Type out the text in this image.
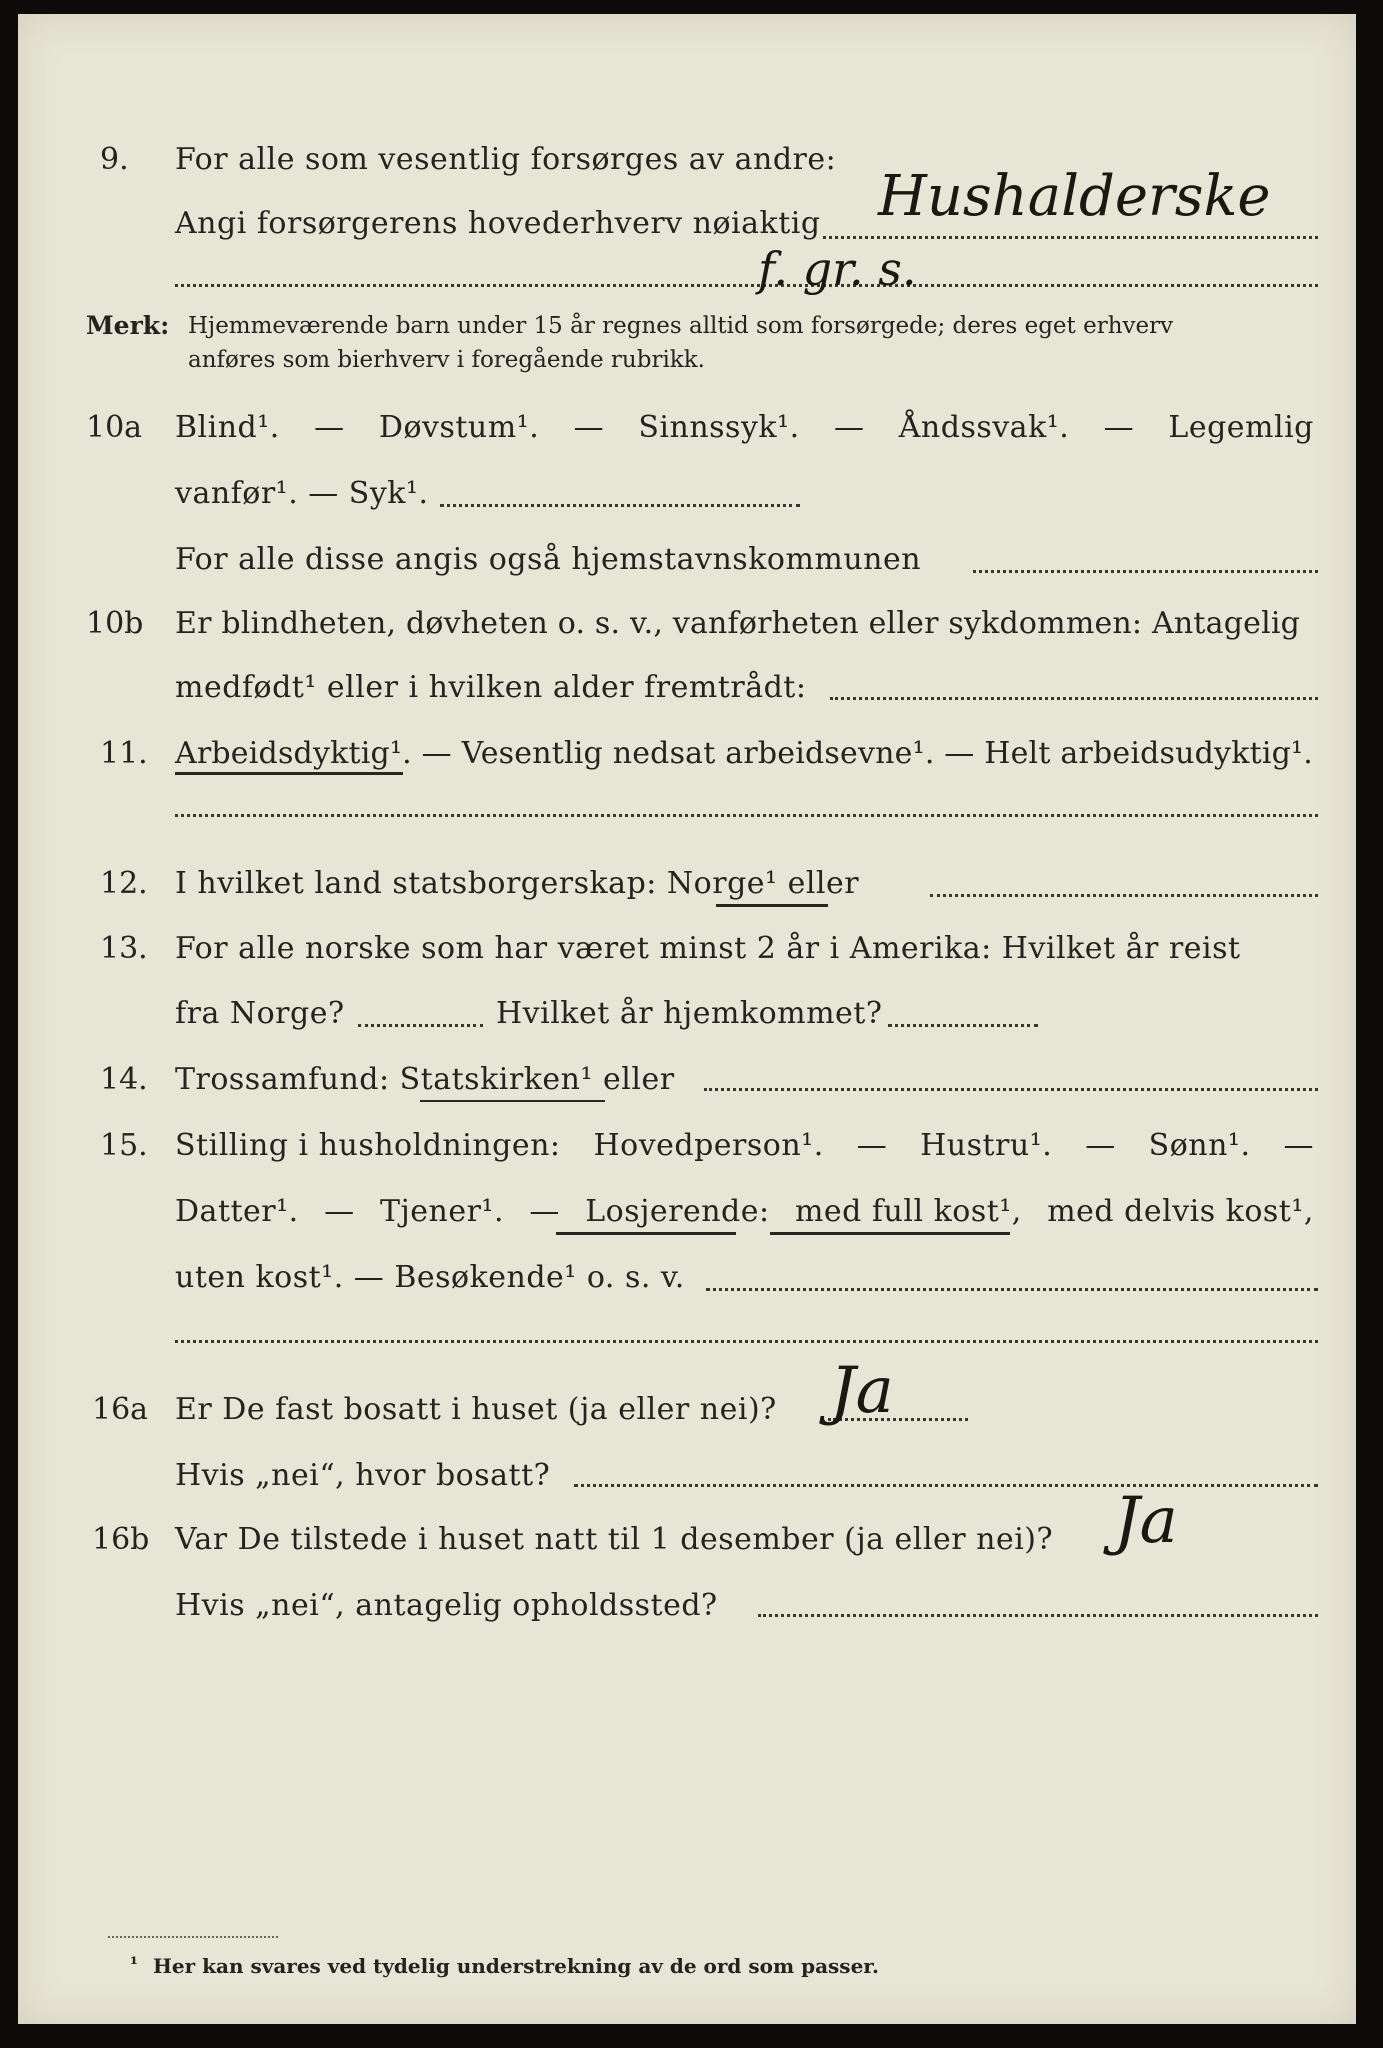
9. For alle som vesentlig forsørges av andre:
Angi forsørgerens hovederhverv nøiaktig Hushalderske
f. gr. s.
Merk: Hjemmeværende barn under 15 år regnes alltid som forsørgede; deres eget erhverv
anføres som bierhverv i foregående rubrikk.
10a Blind¹. — Døvstum¹. — Sinnssyk¹. — Åndssvak¹. — Legemlig
vanfør¹. — Syk¹.
For alle disse angis også hjemstavnskommunen
10b Er blindheten, døvheten o. s. v., vanførheten eller sykdommen: Antagelig
medfødt¹ eller i hvilken alder fremtrådt:
11. Arbeidsdyktig¹. — Vesentlig nedsat arbeidsevne¹. — Helt arbeidsudyktig¹.
12. I hvilket land statsborgerskap: Norge¹ eller
13. For alle norske som har været minst 2 år i Amerika: Hvilket år reist
fra Norge?	Hvilket år hjemkommet?
14. Trossamfund: Statskirken¹ eller
15. Stilling i husholdningen: Hovedperson¹. — Hustru¹. — Sønn¹. —
Datter¹. — Tjener¹. — Losjerende: med full kost¹, med delvis kost¹,
uten kost¹. — Besøkende¹ o. s. v.
16a Er De fast bosatt i huset (ja eller nei)? Ja
Hvis „nei“, hvor bosatt?
16b Var De tilstede i huset natt til 1 desember (ja eller nei)? Ja
Hvis „nei“, antagelig opholdssted?
¹ Her kan svares ved tydelig understrekning av de ord som passer.
